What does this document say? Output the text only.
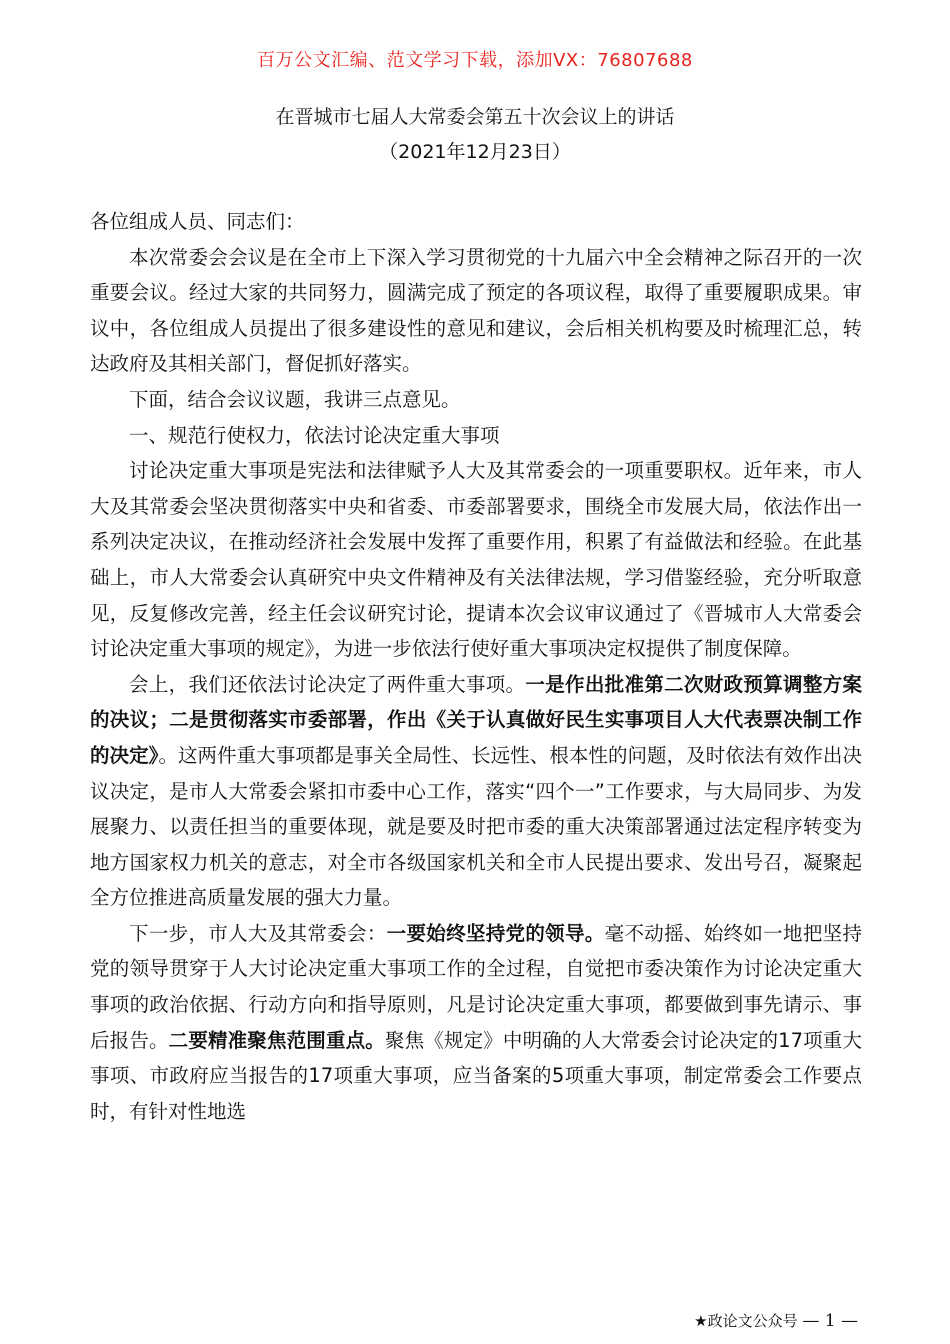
百万公文汇编、范文学习下载，添加VX：76807688
在晋城市七届人大常委会第五十次会议上的讲话
（2021年12月23日）

各位组成人员、同志们：

本次常委会会议是在全市上下深入学习贯彻党的十九届六中全会精神之际召开的一次重要会议。经过大家的共同努力，圆满完成了预定的各项议程，取得了重要履职成果。审议中，各位组成人员提出了很多建设性的意见和建议，会后相关机构要及时梳理汇总，转达政府及其相关部门，督促抓好落实。

下面，结合会议议题，我讲三点意见。

一、规范行使权力，依法讨论决定重大事项

讨论决定重大事项是宪法和法律赋予人大及其常委会的一项重要职权。近年来，市人大及其常委会坚决贯彻落实中央和省委、市委部署要求，围绕全市发展大局，依法作出一系列决定决议，在推动经济社会发展中发挥了重要作用，积累了有益做法和经验。在此基础上，市人大常委会认真研究中央文件精神及有关法律法规，学习借鉴经验，充分听取意见，反复修改完善，经主任会议研究讨论，提请本次会议审议通过了《晋城市人大常委会讨论决定重大事项的规定》，为进一步依法行使好重大事项决定权提供了制度保障。

会上，我们还依法讨论决定了两件重大事项。一是作出批准第二次财政预算调整方案的决议；二是贯彻落实市委部署，作出《关于认真做好民生实事项目人大代表票决制工作的决定》。这两件重大事项都是事关全局性、长远性、根本性的问题，及时依法有效作出决议决定，是市人大常委会紧扣市委中心工作，落实“四个一”工作要求，与大局同步、为发展聚力、以责任担当的重要体现，就是要及时把市委的重大决策部署通过法定程序转变为地方国家权力机关的意志，对全市各级国家机关和全市人民提出要求、发出号召，凝聚起全方位推进高质量发展的强大力量。

下一步，市人大及其常委会：一要始终坚持党的领导。毫不动摇、始终如一地把坚持党的领导贯穿于人大讨论决定重大事项工作的全过程，自觉把市委决策作为讨论决定重大事项的政治依据、行动方向和指导原则，凡是讨论决定重大事项，都要做到事先请示、事后报告。二要精准聚焦范围重点。聚焦《规定》中明确的人大常委会讨论决定的17项重大事项、市政府应当报告的17项重大事项，应当备案的5项重大事项，制定常委会工作要点时，有针对性地选

★政论文公众号 — 1 —
